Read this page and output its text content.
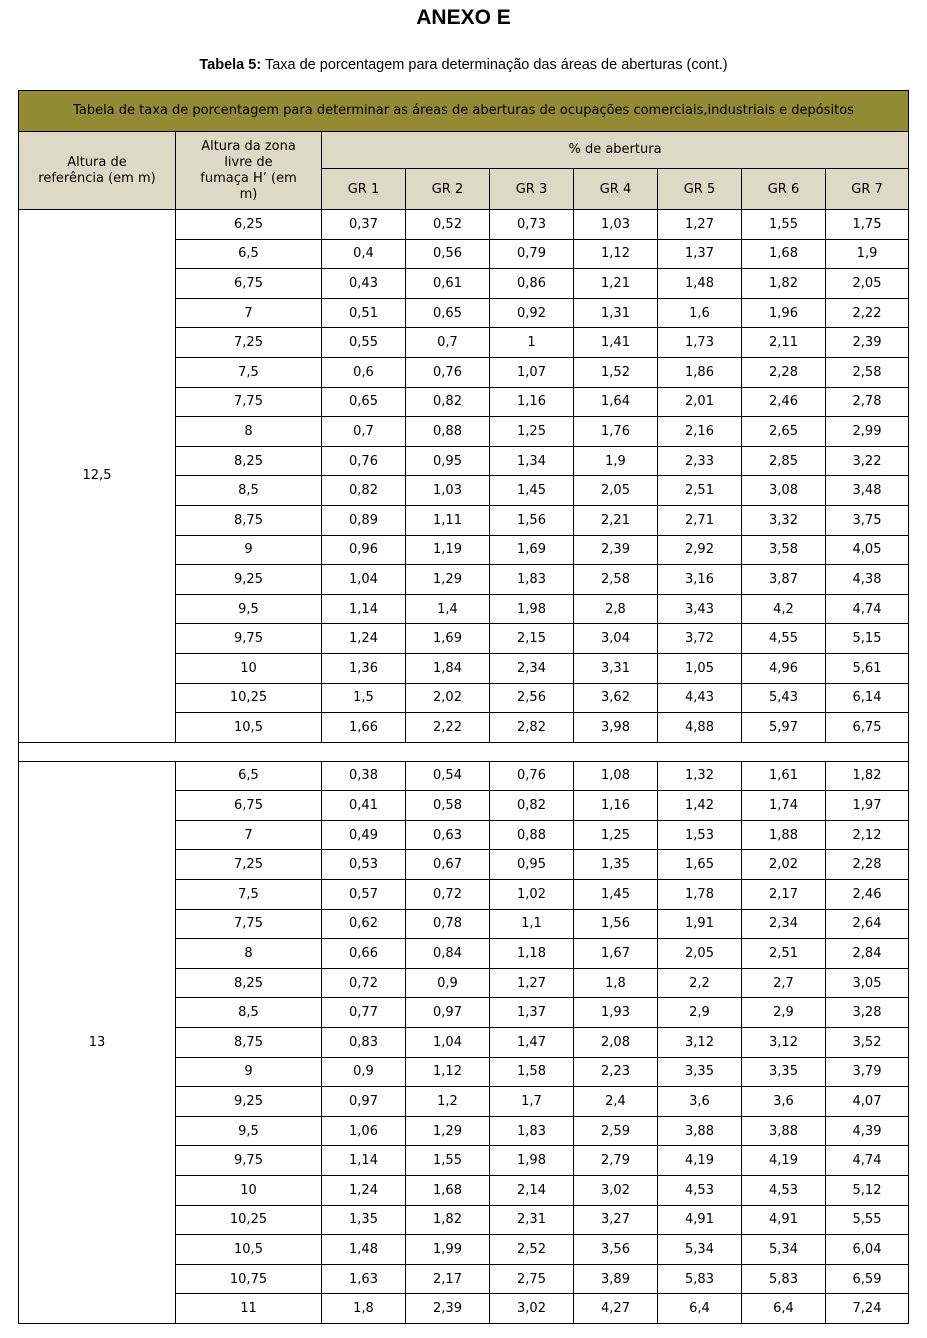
ANEXO E
Tabela 5: Taxa de porcentagem para determinação das áreas de aberturas (cont.)
Tabela de taxa de porcentagem para determinar as áreas de aberturas de ocupações comerciais,industriais e depósitos								

Altura de referência (em m)	Altura da zona livre de fumaça H’ (em m)	% de abertura						
		GR 1	GR 2	GR 3	GR 4	GR 5	GR 6	GR 7
12,5	6,25	0,37	0,52	0,73	1,03	1,27	1,55	1,75
	6,5	0,4	0,56	0,79	1,12	1,37	1,68	1,9
	6,75	0,43	0,61	0,86	1,21	1,48	1,82	2,05
	7	0,51	0,65	0,92	1,31	1,6	1,96	2,22
	7,25	0,55	0,7	1	1,41	1,73	2,11	2,39
	7,5	0,6	0,76	1,07	1,52	1,86	2,28	2,58
	7,75	0,65	0,82	1,16	1,64	2,01	2,46	2,78
	8	0,7	0,88	1,25	1,76	2,16	2,65	2,99
	8,25	0,76	0,95	1,34	1,9	2,33	2,85	3,22
	8,5	0,82	1,03	1,45	2,05	2,51	3,08	3,48
	8,75	0,89	1,11	1,56	2,21	2,71	3,32	3,75
	9	0,96	1,19	1,69	2,39	2,92	3,58	4,05
	9,25	1,04	1,29	1,83	2,58	3,16	3,87	4,38
	9,5	1,14	1,4	1,98	2,8	3,43	4,2	4,74
	9,75	1,24	1,69	2,15	3,04	3,72	4,55	5,15
	10	1,36	1,84	2,34	3,31	1,05	4,96	5,61
	10,25	1,5	2,02	2,56	3,62	4,43	5,43	6,14
	10,5	1,66	2,22	2,82	3,98	4,88	5,97	6,75

13	6,5	0,38	0,54	0,76	1,08	1,32	1,61	1,82
	6,75	0,41	0,58	0,82	1,16	1,42	1,74	1,97
	7	0,49	0,63	0,88	1,25	1,53	1,88	2,12
	7,25	0,53	0,67	0,95	1,35	1,65	2,02	2,28
	7,5	0,57	0,72	1,02	1,45	1,78	2,17	2,46
	7,75	0,62	0,78	1,1	1,56	1,91	2,34	2,64
	8	0,66	0,84	1,18	1,67	2,05	2,51	2,84
	8,25	0,72	0,9	1,27	1,8	2,2	2,7	3,05
	8,5	0,77	0,97	1,37	1,93	2,9	2,9	3,28
	8,75	0,83	1,04	1,47	2,08	3,12	3,12	3,52
	9	0,9	1,12	1,58	2,23	3,35	3,35	3,79
	9,25	0,97	1,2	1,7	2,4	3,6	3,6	4,07
	9,5	1,06	1,29	1,83	2,59	3,88	3,88	4,39
	9,75	1,14	1,55	1,98	2,79	4,19	4,19	4,74
	10	1,24	1,68	2,14	3,02	4,53	4,53	5,12
	10,25	1,35	1,82	2,31	3,27	4,91	4,91	5,55
	10,5	1,48	1,99	2,52	3,56	5,34	5,34	6,04
	10,75	1,63	2,17	2,75	3,89	5,83	5,83	6,59
	11	1,8	2,39	3,02	4,27	6,4	6,4	7,24
